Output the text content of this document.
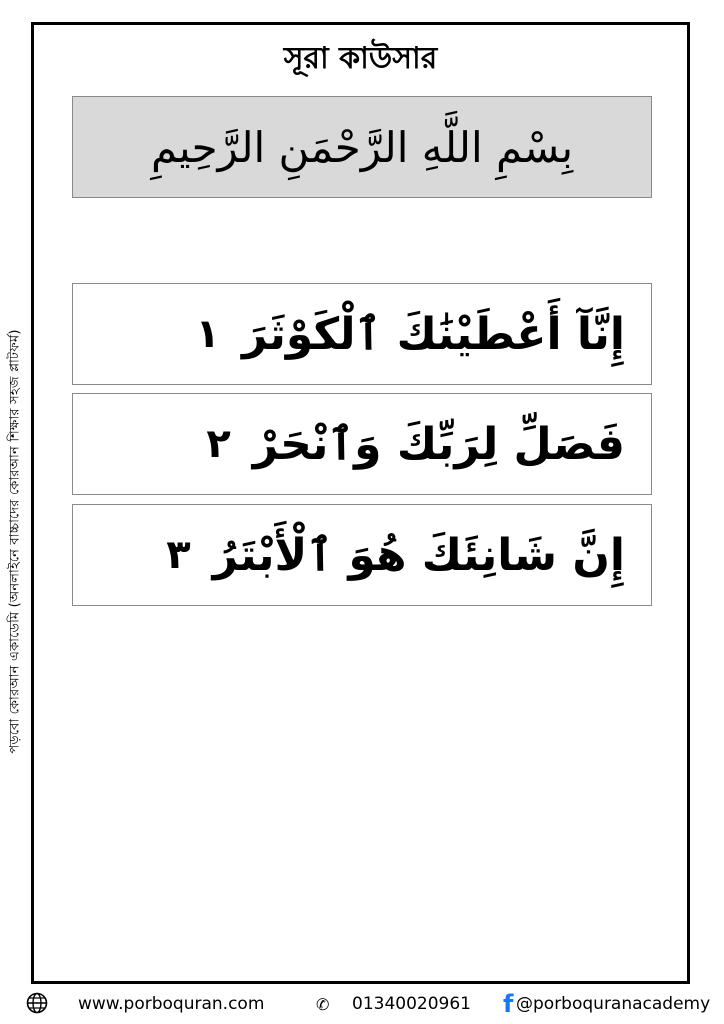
পড়বো কোরআন একাডেমি (অনলাইনে বাচ্চাদের কোরআন শিক্ষার সহজ প্লাটফর্ম)
সূরা কাউসার
بِسْمِ اللَّهِ الرَّحْمَنِ الرَّحِيمِ
إِنَّآ أَعْطَيْنَٰكَ ٱلْكَوْثَرَ
١
فَصَلِّ لِرَبِّكَ وَٱنْحَرْ
٢
إِنَّ شَانِئَكَ هُوَ ٱلْأَبْتَرُ
٣
www.porboquran.com	✆ 01340020961 f @porboquranacademy
